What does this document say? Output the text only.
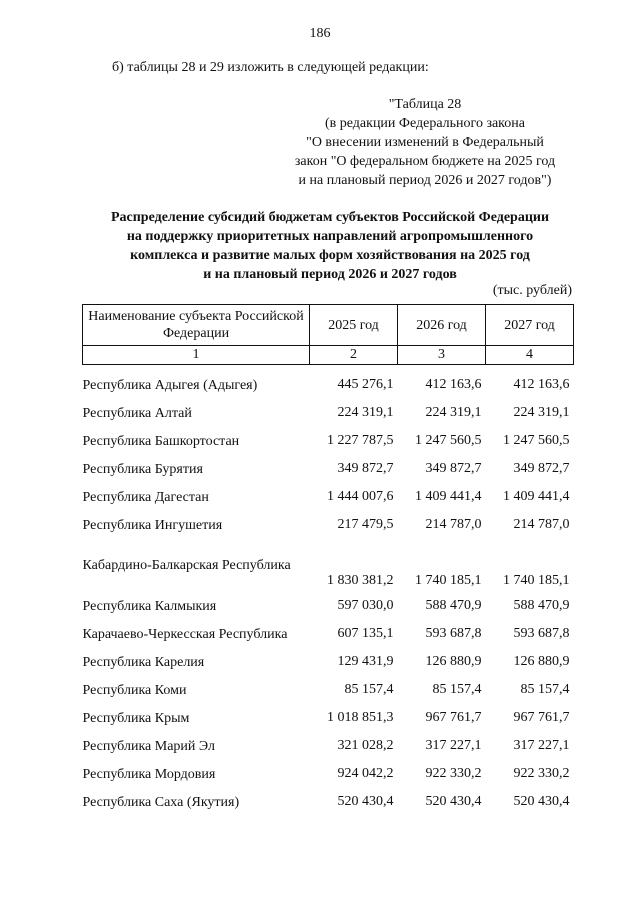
186
б) таблицы 28 и 29 изложить в следующей редакции:
"Таблица 28
(в редакции Федерального закона
"О внесении изменений в Федеральный
закон "О федеральном бюджете на 2025 год
и на плановый период 2026 и 2027 годов")
Распределение субсидий бюджетам субъектов Российской Федерации
на поддержку приоритетных направлений агропромышленного
комплекса и развитие малых форм хозяйствования на 2025 год
и на плановый период 2026 и 2027 годов
(тыс. рублей)
Наименование субъекта Российской Федерации	2025 год	2026 год	2027 год
1	2	3	4
Республика Адыгея (Адыгея)	445 276,1	412 163,6	412 163,6
Республика Алтай	224 319,1	224 319,1	224 319,1
Республика Башкортостан	1 227 787,5	1 247 560,5	1 247 560,5
Республика Бурятия	349 872,7	349 872,7	349 872,7
Республика Дагестан	1 444 007,6	1 409 441,4	1 409 441,4
Республика Ингушетия	217 479,5	214 787,0	214 787,0
Кабардино-Балкарская Республика	1 830 381,2	1 740 185,1	1 740 185,1
Республика Калмыкия	597 030,0	588 470,9	588 470,9
Карачаево-Черкесская Республика	607 135,1	593 687,8	593 687,8
Республика Карелия	129 431,9	126 880,9	126 880,9
Республика Коми	85 157,4	85 157,4	85 157,4
Республика Крым	1 018 851,3	967 761,7	967 761,7
Республика Марий Эл	321 028,2	317 227,1	317 227,1
Республика Мордовия	924 042,2	922 330,2	922 330,2
Республика Саха (Якутия)	520 430,4	520 430,4	520 430,4
